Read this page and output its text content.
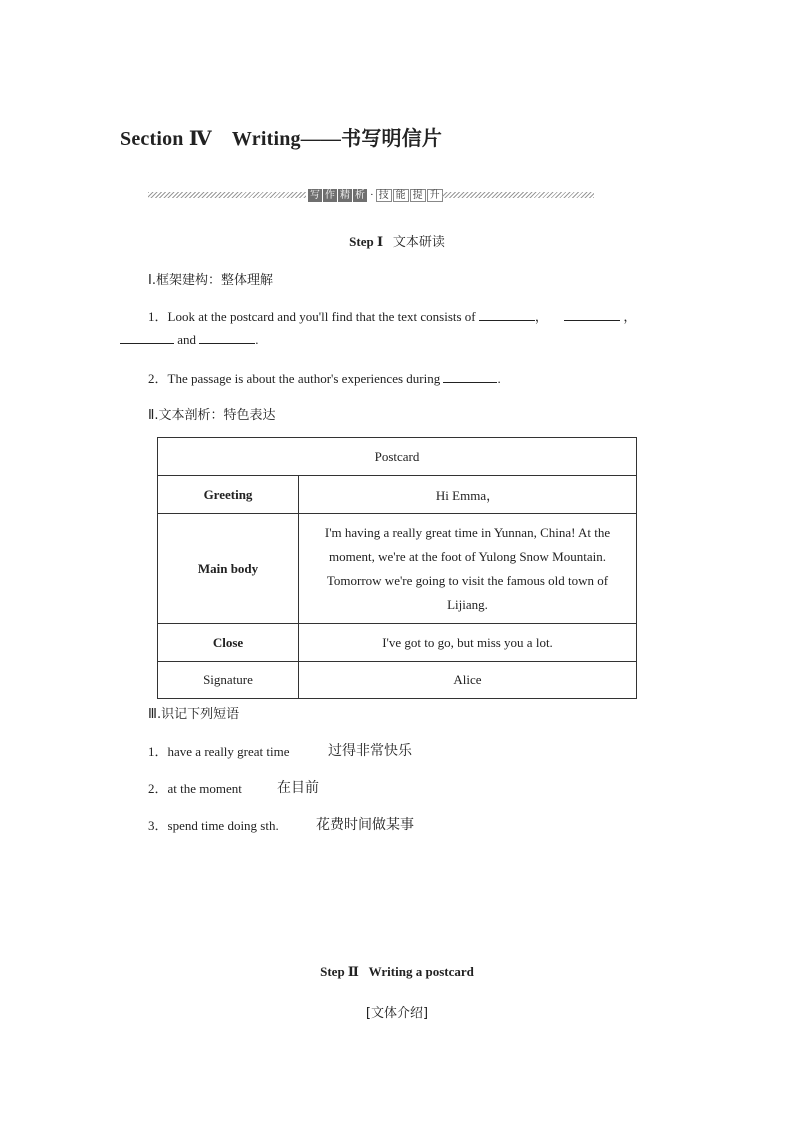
Section Ⅳ　Writing——书写明信片
写 作 精 析 · 技 能 提 升
Step Ⅰ 文本研读
Ⅰ.框架建构：整体理解
1．Look at the postcard and you'll find that the text consists of	，	，
and	.
2．The passage is about the author's experiences during	.
Ⅱ.文本剖析：特色表达
Postcard	
Greeting	Hi Emma，
Main body	I'm having a really great time in Yunnan, China! At the moment, we're at the foot of Yulong Snow Mountain. Tomorrow we're going to visit the famous old town of Lijiang.
Close	I've got to go, but miss you a lot.
Signature	Alice
Ⅲ.识记下列短语
1．have a really great time	过得非常快乐
2．at the moment	在目前
3．spend time doing sth.	花费时间做某事
Step Ⅱ Writing a postcard
[文体介绍]
